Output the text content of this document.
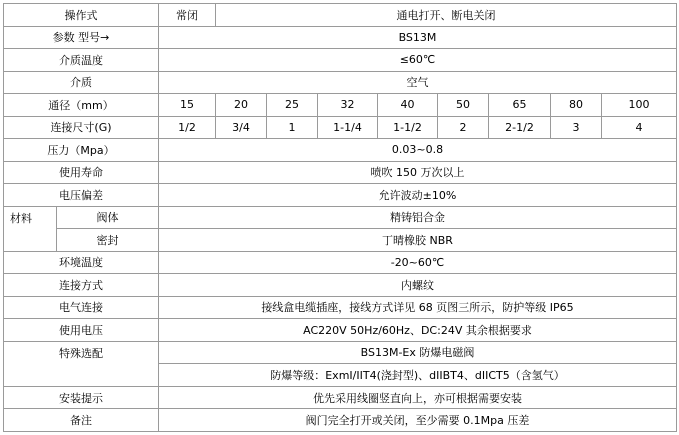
操作式		常闭	通电打开、断电关闭							
参数 型号→		BS13M								
介质温度		≤60℃								
介质		空气								
通径（mm）		15	20	25	32	40	50	65	80	100
连接尺寸(G)		1/2	3/4	1	1-1/4	1-1/2	2	2-1/2	3	4
压力（Mpa）		0.03~0.8								
使用寿命		喷吹 150 万次以上								
电压偏差		允许波动±10%								
材料	阀体	精铸铝合金								
	密封	丁晴橡胶 NBR								
环境温度		-20~60℃								
连接方式		内螺纹								
电气连接		接线盒电缆插座，接线方式详见 68 页图三所示，防护等级 IP65								
使用电压		AC220V 50Hz/60Hz、DC:24V 其余根据要求								
特殊选配		BS13M-Ex 防爆电磁阀								
		防爆等级：ExmI/IIT4(浇封型)、dIIBT4、dIICT5（含氢气）								
安装提示		优先采用线圈竖直向上，亦可根据需要安装								
备注		阀门完全打开或关闭，至少需要 0.1Mpa 压差								
